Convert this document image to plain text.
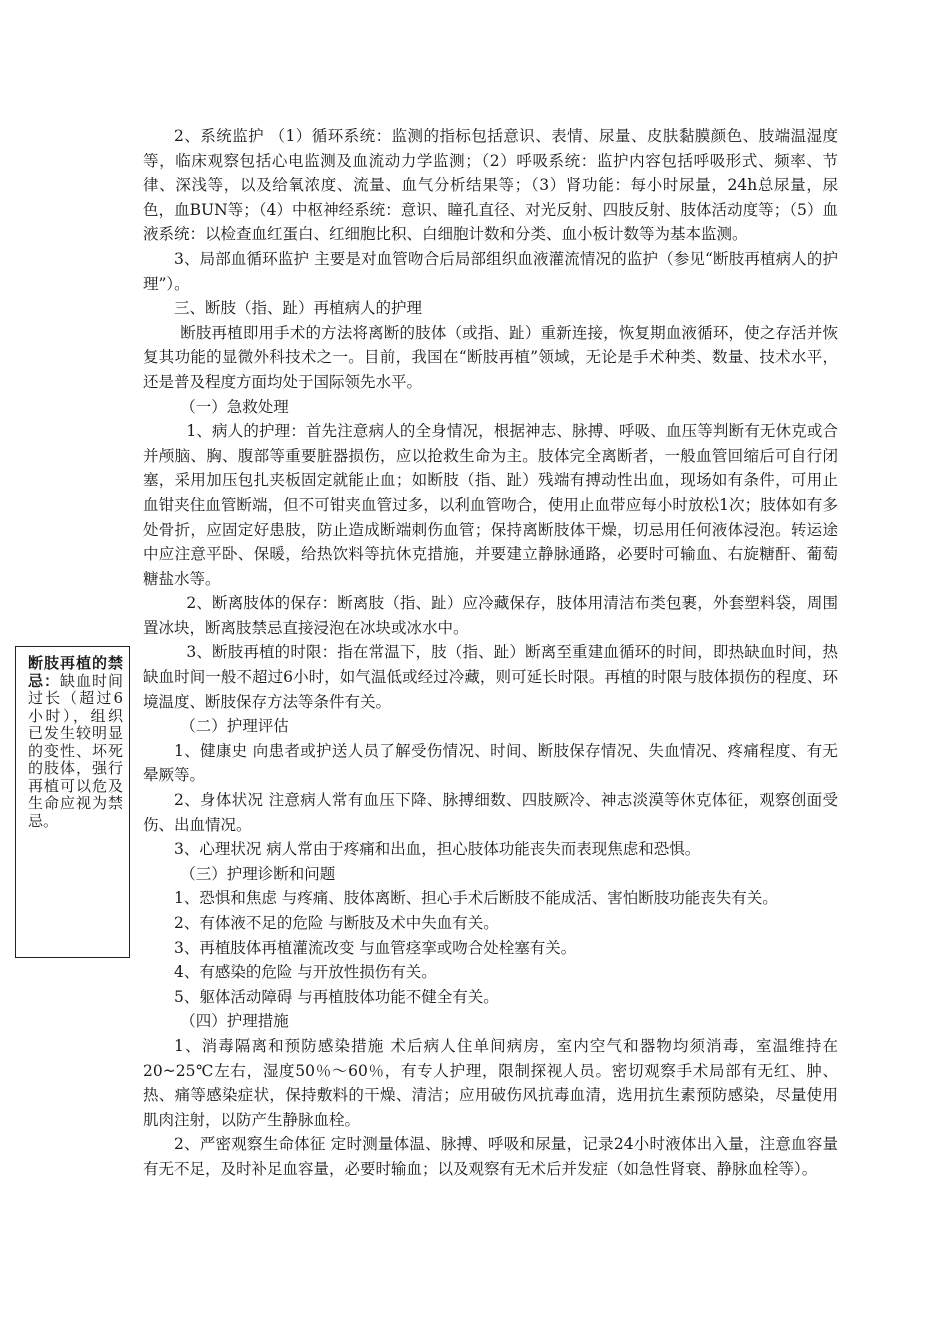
断肢再植的禁忌：缺血时间过长（超过6小时），组织已发生较明显的变性、坏死的肢体，强行再植可以危及生命应视为禁忌。

2、系统监护 （1）循环系统：监测的指标包括意识、表情、尿量、皮肤黏膜颜色、肢端温湿度等，临床观察包括心电监测及血流动力学监测；（2）呼吸系统：监护内容包括呼吸形式、频率、节律、深浅等，以及给氧浓度、流量、血气分析结果等；（3）肾功能：每小时尿量，24h总尿量，尿色，血BUN等；（4）中枢神经系统：意识、瞳孔直径、对光反射、四肢反射、肢体活动度等；（5）血液系统：以检查血红蛋白、红细胞比积、白细胞计数和分类、血小板计数等为基本监测。

3、局部血循环监护 主要是对血管吻合后局部组织血液灌流情况的监护（参见“断肢再植病人的护理”）。

三、断肢（指、趾）再植病人的护理

断肢再植即用手术的方法将离断的肢体（或指、趾）重新连接，恢复期血液循环，使之存活并恢复其功能的显微外科技术之一。目前，我国在“断肢再植”领域，无论是手术种类、数量、技术水平，还是普及程度方面均处于国际领先水平。

（一）急救处理

1、病人的护理：首先注意病人的全身情况，根据神志、脉搏、呼吸、血压等判断有无休克或合并颅脑、胸、腹部等重要脏器损伤，应以抢救生命为主。肢体完全离断者，一般血管回缩后可自行闭塞，采用加压包扎夹板固定就能止血；如断肢（指、趾）残端有搏动性出血，现场如有条件，可用止血钳夹住血管断端，但不可钳夹血管过多，以利血管吻合，使用止血带应每小时放松1次；肢体如有多处骨折，应固定好患肢，防止造成断端刺伤血管；保持离断肢体干燥，切忌用任何液体浸泡。转运途中应注意平卧、保暖，给热饮料等抗休克措施，并要建立静脉通路，必要时可输血、右旋糖酐、葡萄糖盐水等。

2、断离肢体的保存：断离肢（指、趾）应冷藏保存，肢体用清洁布类包裹，外套塑料袋，周围置冰块，断离肢禁忌直接浸泡在冰块或冰水中。

3、断肢再植的时限：指在常温下，肢（指、趾）断离至重建血循环的时间，即热缺血时间，热缺血时间一般不超过6小时，如气温低或经过冷藏，则可延长时限。再植的时限与肢体损伤的程度、环境温度、断肢保存方法等条件有关。

（二）护理评估

1、健康史 向患者或护送人员了解受伤情况、时间、断肢保存情况、失血情况、疼痛程度、有无晕厥等。

2、身体状况 注意病人常有血压下降、脉搏细数、四肢厥冷、神志淡漠等休克体征，观察创面受伤、出血情况。

3、心理状况 病人常由于疼痛和出血，担心肢体功能丧失而表现焦虑和恐惧。

（三）护理诊断和问题

1、恐惧和焦虑 与疼痛、肢体离断、担心手术后断肢不能成活、害怕断肢功能丧失有关。

2、有体液不足的危险 与断肢及术中失血有关。

3、再植肢体再植灌流改变 与血管痉挛或吻合处栓塞有关。

4、有感染的危险 与开放性损伤有关。

5、躯体活动障碍 与再植肢体功能不健全有关。

（四）护理措施

1、消毒隔离和预防感染措施 术后病人住单间病房，室内空气和器物均须消毒，室温维持在20~25℃左右，湿度50％～60％，有专人护理，限制探视人员。密切观察手术局部有无红、肿、热、痛等感染症状，保持敷料的干燥、清洁；应用破伤风抗毒血清，选用抗生素预防感染，尽量使用肌肉注射，以防产生静脉血栓。

2、严密观察生命体征 定时测量体温、脉搏、呼吸和尿量，记录24小时液体出入量，注意血容量有无不足，及时补足血容量，必要时输血；以及观察有无术后并发症（如急性肾衰、静脉血栓等）。
